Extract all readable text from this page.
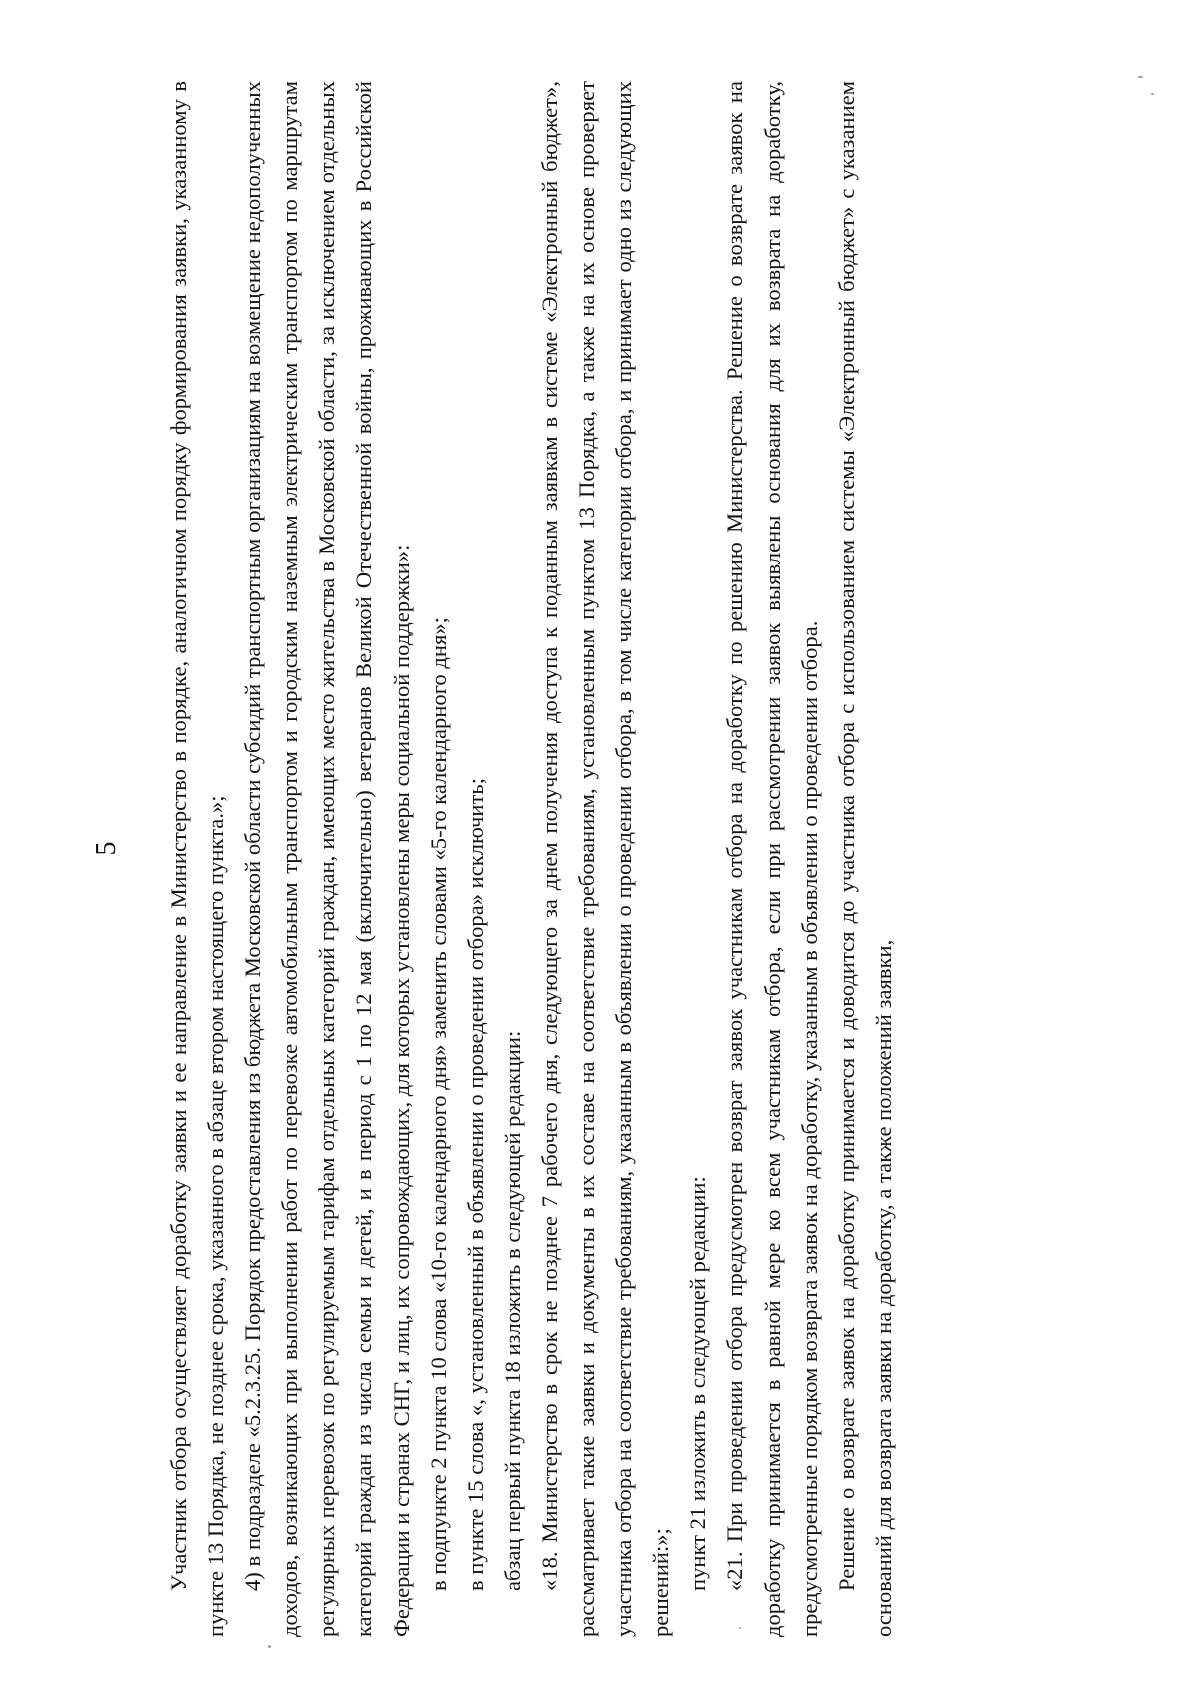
5 Участник отбора осуществляет доработку заявки и ее направление в Министерство в порядке, аналогичном порядку формирования заявки, указанному в пункте 13 Порядка, не позднее срока, указанного в абзаце втором настоящего пункта.»; 4) в подразделе «5.2.3.25. Порядок предоставления из бюджета Московской области субсидий транспортным организациям на возмещение недополученных доходов, возникающих при выполнении работ по перевозке автомобильным транспортом и городским наземным электрическим транспортом по маршрутам регулярных перевозок по регулируемым тарифам отдельных категорий граждан, имеющих место жительства в Московской области, за исключением отдельных категорий граждан из числа семьи и детей, и в период с 1 по 12 мая (включительно) ветеранов Великой Отечественной войны, проживающих в Российской Федерации и странах СНГ, и лиц, их сопровождающих, для которых установлены меры социальной поддержки»: в подпункте 2 пункта 10 слова «10-го календарного дня» заменить словами «5-го календарного дня»; в пункте 15 слова «, установленный в объявлении о проведении отбора» исключить; абзац первый пункта 18 изложить в следующей редакции: «18. Министерство в срок не позднее 7 рабочего дня, следующего за днем получения доступа к поданным заявкам в системе «Электронный бюджет», рассматривает такие заявки и документы в их составе на соответствие требованиям, установленным пунктом 13 Порядка, а также на их основе проверяет участника отбора на соответствие требованиям, указанным в объявлении о проведении отбора, в том числе категории отбора, и принимает одно из следующих решений:»; пункт 21 изложить в следующей редакции: «21. При проведении отбора предусмотрен возврат заявок участникам отбора на доработку по решению Министерства. Решение о возврате заявок на доработку принимается в равной мере ко всем участникам отбора, если при рассмотрении заявок выявлены основания для их возврата на доработку, предусмотренные порядком возврата заявок на доработку, указанным в объявлении о проведении отбора. Решение о возврате заявок на доработку принимается и доводится до участника отбора с использованием системы «Электронный бюджет» с указанием оснований для возврата заявки на доработку, а также положений заявки,
